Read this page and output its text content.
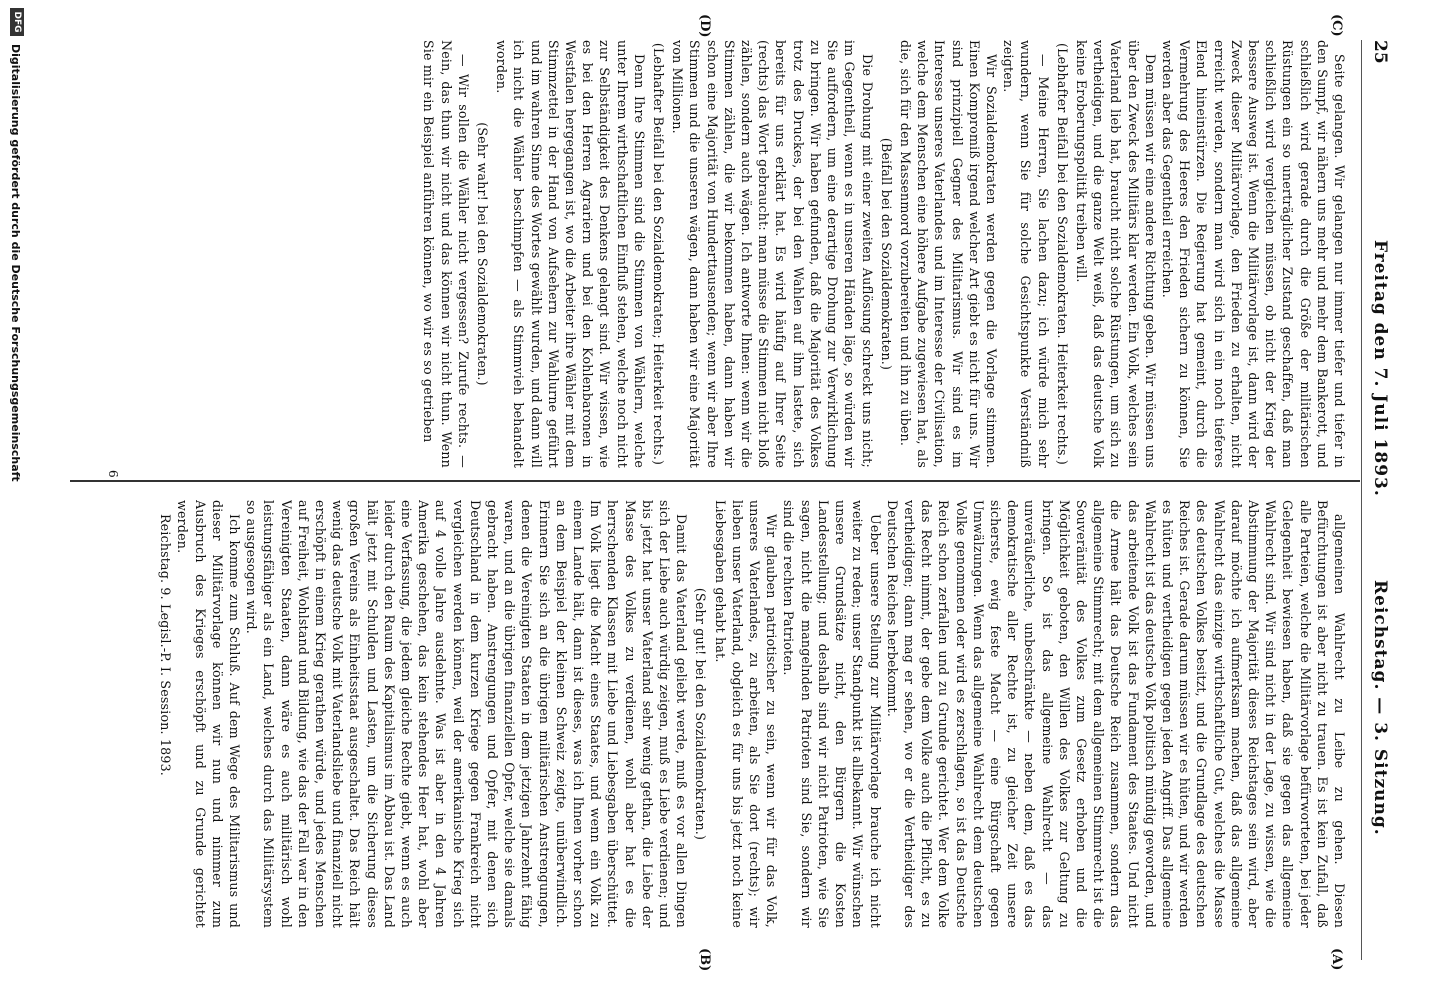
25
Freitag den 7. Juli 1893.
Reichstag. — 3. Sitzung.
(C)
(D)
(A)
(B)

Seite gelangen. Wir gelangen nur immer tiefer und tiefer in den Sumpf, wir nähern uns mehr und mehr dem Bankerott, und schließlich wird gerade durch die Größe der militärischen Rüstungen ein so unerträglicher Zustand geschaffen, daß man schließlich wird vergleichen müssen, ob nicht der Krieg der bessere Ausweg ist. Wenn die Militärvorlage ist, dann wird der Zweck dieser Militärvorlage, den Frieden zu erhalten, nicht erreicht werden, sondern man wird sich in ein noch tieferes Elend hineinstürzen. Die Regierung hat gemeint, durch die Vermehrung des Heeres den Frieden sichern zu können, Sie werden aber das Gegentheil erreichen.

Dem müssen wir eine andere Richtung geben. Wir müssen uns über den Zweck des Militärs klar werden. Ein Volk, welches sein Vaterland lieb hat, braucht nicht solche Rüstungen, um sich zu vertheidigen, und die ganze Welt weiß, daß das deutsche Volk keine Eroberungspolitik treiben will.

(Lebhafter Beifall bei den Sozialdemokraten. Heiterkeit rechts.)

— Meine Herren, Sie lachen dazu; ich würde mich sehr wundern, wenn Sie für solche Gesichtspunkte Verständniß zeigten.

Wir Sozialdemokraten werden gegen die Vorlage stimmen. Einen Kompromiß irgend welcher Art giebt es nicht für uns. Wir sind prinzipiell Gegner des Militarismus. Wir sind es im Interesse unseres Vaterlandes und im Interesse der Civilisation, welche dem Menschen eine höhere Aufgabe zugewiesen hat, als die, sich für den Massenmord vorzubereiten und ihn zu üben.

(Beifall bei den Sozialdemokraten.)

Die Drohung mit einer zweiten Auflösung schreckt uns nicht; im Gegentheil, wenn es in unseren Händen läge, so würden wir Sie auffordern, um eine derartige Drohung zur Verwirklichung zu bringen. Wir haben gefunden, daß die Majorität des Volkes trotz des Druckes, der bei den Wahlen auf ihm lastete, sich bereits für uns erklärt hat. Es wird häufig auf Ihrer Seite (rechts) das Wort gebraucht: man müsse die Stimmen nicht bloß zählen, sondern auch wägen. Ich antworte Ihnen: wenn wir die Stimmen zählen, die wir bekommen haben, dann haben wir schon eine Majorität von Hunderttausenden; wenn wir aber Ihre Stimmen und die unseren wägen, dann haben wir eine Majorität von Millionen.

(Lebhafter Beifall bei den Sozialdemokraten; Heiterkeit rechts.)

Denn Ihre Stimmen sind die Stimmen von Wählern, welche unter Ihrem wirthschaftlichen Einfluß stehen, welche noch nicht zur Selbständigkeit des Denkens gelangt sind. Wir wissen, wie es bei den Herren Agrariern und bei den Kohlenbaronen in Westfalen hergegangen ist, wo die Arbeiter ihre Wähler mit dem Stimmzettel in der Hand von Aufsehern zur Wahlurne geführt und im wahren Sinne des Wortes gewählt wurden, und dann will ich nicht die Wähler beschimpfen — als Stimmvieh behandelt worden.

(Sehr wahr! bei den Sozialdemokraten.)

— Wir sollen die Wähler nicht vergessen? Zurufe rechts. — Nein, das thun wir nicht und das können wir nicht thun. Wenn Sie mir ein Beispiel anführen können, wo wir es so getrieben

allgemeinen Wahlrecht zu Leibe zu gehen. Diesen Befürchtungen ist aber nicht zu trauen. Es ist kein Zufall, daß alle Parteien, welche die Militärvorlage befürworteten, bei jeder Gelegenheit bewiesen haben, daß sie gegen das allgemeine Wahlrecht sind. Wir sind nicht in der Lage, zu wissen, wie die Abstimmung der Majorität dieses Reichstages sein wird, aber darauf möchte ich aufmerksam machen, daß das allgemeine Wahlrecht das einzige wirthschaftliche Gut, welches die Masse des deutschen Volkes besitzt, und die Grundlage des deutschen Reiches ist. Gerade darum müssen wir es hüten, und wir werden es hüten und vertheidigen gegen jeden Angriff. Das allgemeine Wahlrecht ist das deutsche Volk politisch mündig geworden, und das arbeitende Volk ist das Fundament des Staates. Und nicht die Armee hält das Deutsche Reich zusammen, sondern das allgemeine Stimmrecht; mit dem allgemeinen Stimmrecht ist die Souveränität des Volkes zum Gesetz erhoben und die Möglichkeit geboten, den Willen des Volkes zur Geltung zu bringen. So ist das allgemeine Wahlrecht — das unveräußerliche, unbeschränkte — neben dem, daß es das demokratische aller Rechte ist, zu gleicher Zeit unsere sicherste, ewig feste Macht — eine Bürgschaft gegen Umwälzungen. Wenn das allgemeine Wahlrecht dem deutschen Volke genommen oder wird es zerschlagen, so ist das Deutsche Reich schon zerfallen und zu Grunde gerichtet. Wer dem Volke das Recht nimmt, der gebe dem Volke auch die Pflicht, es zu vertheidigen; dann mag er sehen, wo er die Vertheidiger des Deutschen Reiches herbekommt.

Ueber unsere Stellung zur Militärvorlage brauche ich nicht weiter zu reden; unser Standpunkt ist allbekannt. Wir wünschen unsere Grundsätze nicht, den Bürgern die Kosten Landesstellung; und deshalb sind wir nicht Patrioten, wie Sie sagen, nicht die mangelnden Patrioten sind Sie, sondern wir sind die rechten Patrioten.

Wir glauben patriotischer zu sein, wenn wir für das Volk, unseres Vaterlandes, zu arbeiten, als Sie dort (rechts); wir lieben unser Vaterland, obgleich es für uns bis jetzt noch keine Liebesgaben gehabt hat.

(Sehr gut! bei den Sozialdemokraten.)

Damit das Vaterland geliebt werde, muß es vor allen Dingen sich der Liebe auch würdig zeigen, muß es Liebe verdienen; und bis jetzt hat unser Vaterland sehr wenig gethan, die Liebe der Masse des Volkes zu verdienen, wohl aber hat es die herrschenden Klassen mit Liebe und Liebesgaben überschüttet. Im Volk liegt die Macht eines Staates, und wenn ein Volk zu einem Lande hält, dann ist dieses, was ich Ihnen vorher schon an dem Beispiel der kleinen Schweiz zeigte, unüberwindlich. Erinnern Sie sich an die übrigen militärischen Anstrengungen, denen die Vereinigten Staaten in dem jetzigen Jahrzehnt fähig waren, und an die übrigen finanziellen Opfer, welche sie damals gebracht haben. Anstrengungen und Opfer, mit denen sich Deutschland in dem kurzen Kriege gegen Frankreich nicht vergleichen werden können, weil der amerikanische Krieg sich auf 4 volle Jahre ausdehnte. Was ist aber in den 4 Jahren Amerika geschehen, das kein stehendes Heer hat, wohl aber eine Verfassung, die jedem gleiche Rechte giebt, wenn es auch leider durch den Raum des Kapitalismus im Abbau ist. Das Land hält jetzt mit Schulden und Lasten, um die Sicherung dieses großen Vereins als Einheitsstaat ausgeschaltet. Das Reich hält wenig das deutsche Volk mit Vaterlandsliebe und finanziell nicht erschöpft in einem Krieg gerathen würde, und jedes Menschen auf Freiheit, Wohlstand und Bildung, wie das der Fall war in den Vereinigten Staaten, dann wäre es auch militärisch wohl leistungsfähiger als ein Land, welches durch das Militärsystem so ausgesogen wird.

Ich komme zum Schluß. Auf dem Wege des Militarismus und dieser Militärvorlage können wir nun und nimmer zum Ausbruch des Krieges erschöpft und zu Grunde gerichtet werden.

Reichstag. 9. Legisl.-P. I. Session. 1893.

6
DFG
Digitalisierung gefördert durch die Deutsche Forschungsgemeinschaft
